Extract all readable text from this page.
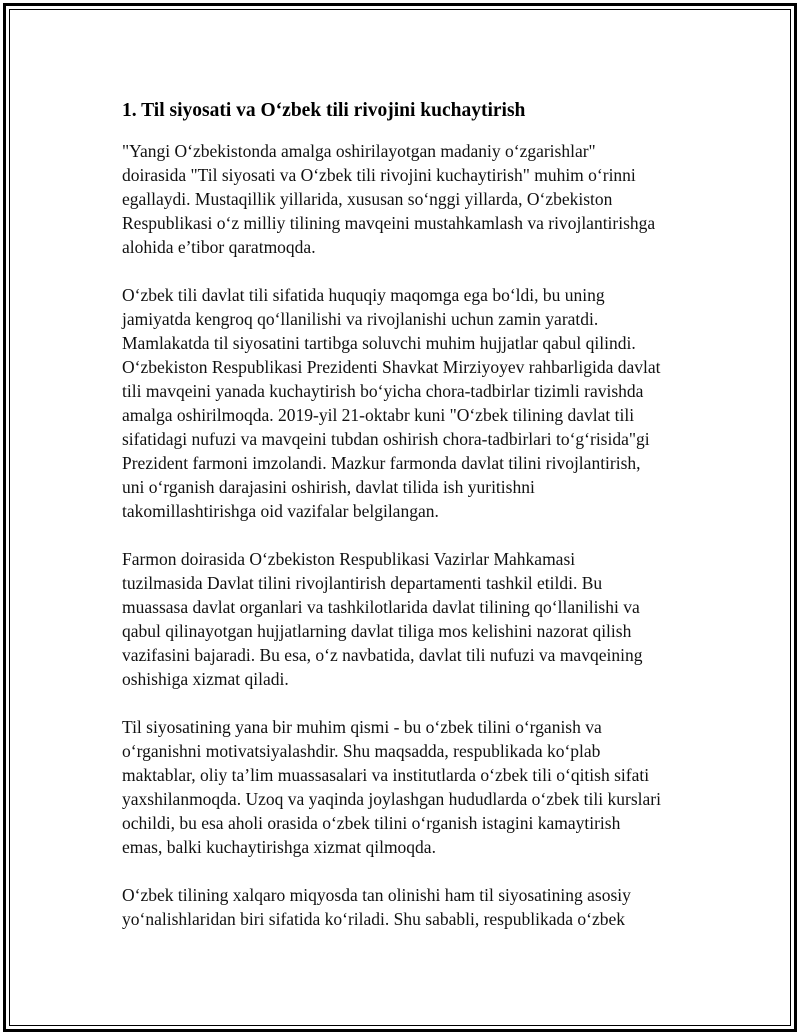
1. Til siyosati va O‘zbek tili rivojini kuchaytirish

"Yangi O‘zbekistonda amalga oshirilayotgan madaniy o‘zgarishlar"
doirasida "Til siyosati va O‘zbek tili rivojini kuchaytirish" muhim o‘rinni
egallaydi. Mustaqillik yillarida, xususan so‘nggi yillarda, O‘zbekiston
Respublikasi o‘z milliy tilining mavqeini mustahkamlash va rivojlantirishga
alohida e’tibor qaratmoqda.

O‘zbek tili davlat tili sifatida huquqiy maqomga ega bo‘ldi, bu uning
jamiyatda kengroq qo‘llanilishi va rivojlanishi uchun zamin yaratdi.
Mamlakatda til siyosatini tartibga soluvchi muhim hujjatlar qabul qilindi.
O‘zbekiston Respublikasi Prezidenti Shavkat Mirziyoyev rahbarligida davlat
tili mavqeini yanada kuchaytirish bo‘yicha chora-tadbirlar tizimli ravishda
amalga oshirilmoqda. 2019-yil 21-oktabr kuni "O‘zbek tilining davlat tili
sifatidagi nufuzi va mavqeini tubdan oshirish chora-tadbirlari to‘g‘risida"gi
Prezident farmoni imzolandi. Mazkur farmonda davlat tilini rivojlantirish,
uni o‘rganish darajasini oshirish, davlat tilida ish yuritishni
takomillashtirishga oid vazifalar belgilangan.

Farmon doirasida O‘zbekiston Respublikasi Vazirlar Mahkamasi
tuzilmasida Davlat tilini rivojlantirish departamenti tashkil etildi. Bu
muassasa davlat organlari va tashkilotlarida davlat tilining qo‘llanilishi va
qabul qilinayotgan hujjatlarning davlat tiliga mos kelishini nazorat qilish
vazifasini bajaradi. Bu esa, o‘z navbatida, davlat tili nufuzi va mavqeining
oshishiga xizmat qiladi.

Til siyosatining yana bir muhim qismi - bu o‘zbek tilini o‘rganish va
o‘rganishni motivatsiyalashdir. Shu maqsadda, respublikada ko‘plab
maktablar, oliy ta’lim muassasalari va institutlarda o‘zbek tili o‘qitish sifati
yaxshilanmoqda. Uzoq va yaqinda joylashgan hududlarda o‘zbek tili kurslari
ochildi, bu esa aholi orasida o‘zbek tilini o‘rganish istagini kamaytirish
emas, balki kuchaytirishga xizmat qilmoqda.

O‘zbek tilining xalqaro miqyosda tan olinishi ham til siyosatining asosiy
yo‘nalishlaridan biri sifatida ko‘riladi. Shu sababli, respublikada o‘zbek
